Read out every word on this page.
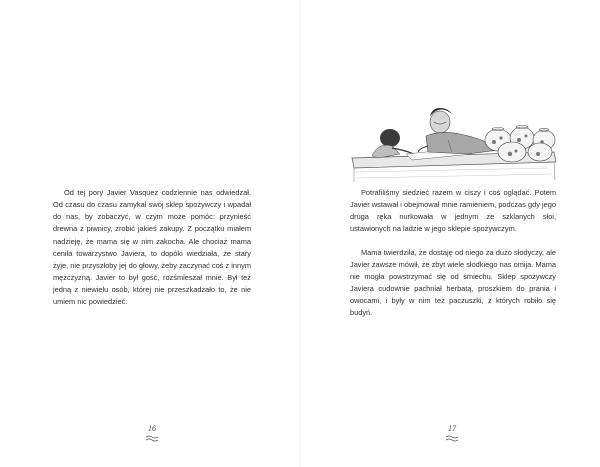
Od tej pory Javier Vasquez codziennie nas odwiedzał. Od czasu do czasu zamykał swój sklep spożywczy i wpadał do nas, by zobaczyć, w czym może pomóc: przynieść drewna z piwnicy, zrobić jakieś zakupy. Z początku miałem nadzieję, że mama się w nim zakocha. Ale chociaż mama ceniła towarzystwo Javiera, to dopóki wiedziała, że stary żyje, nie przyszłoby jej do głowy, żeby zaczynać coś z innym mężczyzną. Javier to był gość, rozśmieszał mnie. Był też jedną z niewielu osób, której nie przeszkadzało to, że nie umiem nic powiedzieć.

16

Potrafiliśmy siedzieć razem w ciszy i coś oglądać. Potem Javier wstawał i obejmował mnie ramieniem, podczas gdy jego druga ręka nurkowała w jednym ze szklanych słoi, ustawionych na ladzie w jego sklepie spożywczym.

Mama twierdziła, że dostaję od niego za dużo słodyczy, ale Javier zawsze mówił, że zbyt wiele słodkiego nas omija. Mama nie mogła powstrzymać się od śmiechu. Sklep spożywczy Javiera cudownie pachniał herbatą, proszkiem do prania i owocami, i były w nim też paczuszki, z których robiło się budyń.

17
